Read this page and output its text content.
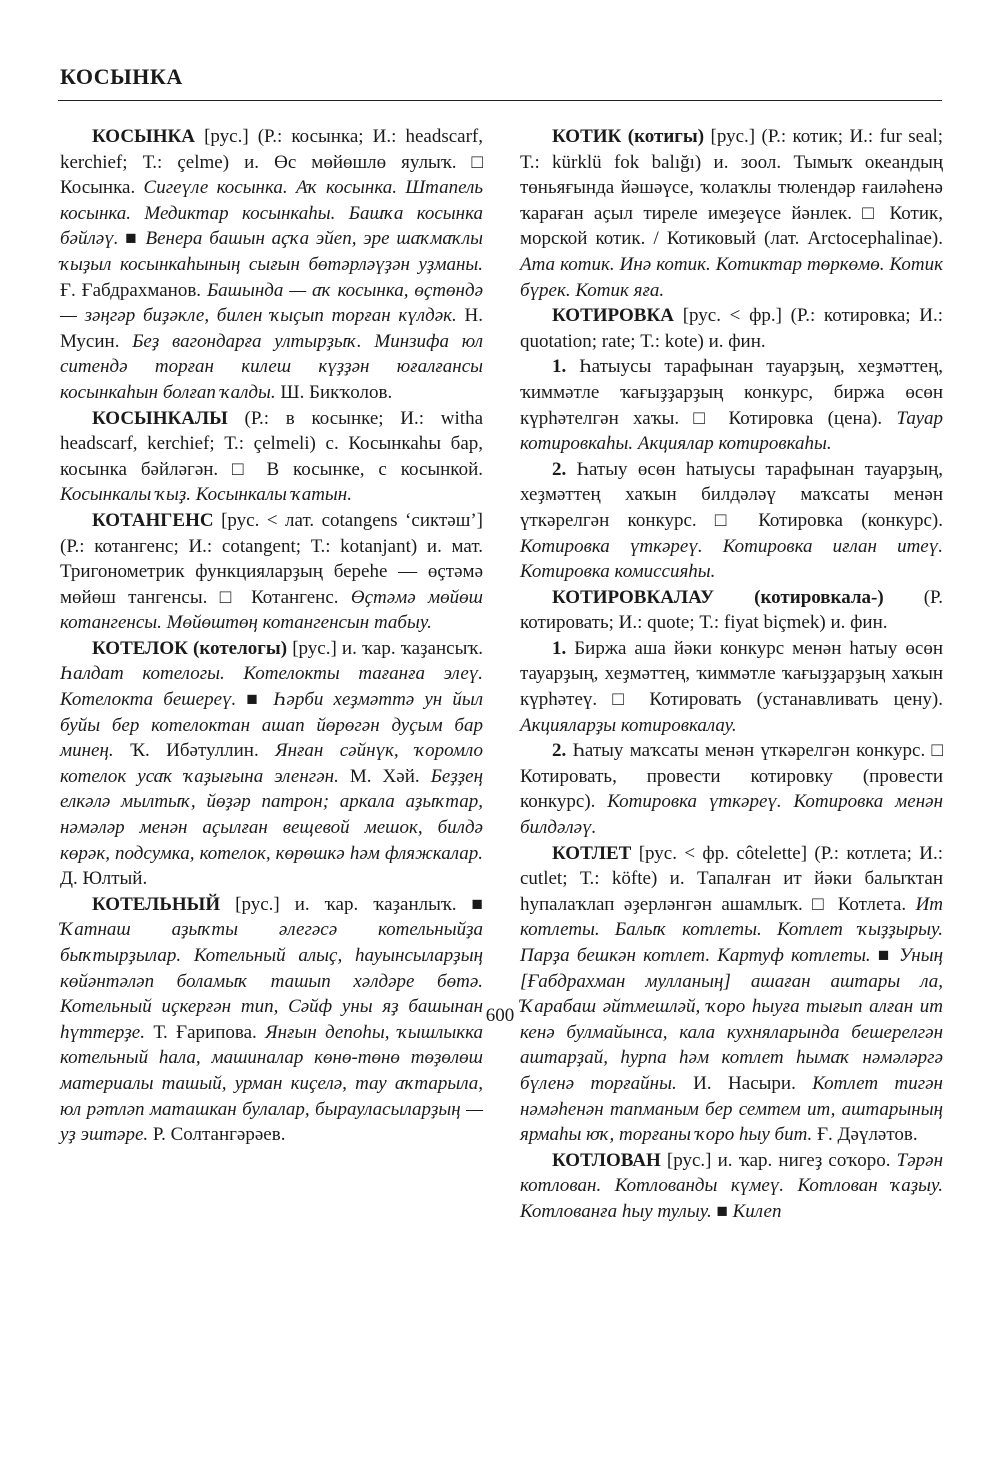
КОСЫНКА

КОСЫНКА [рус.] (Р.: косынка; И.: headscarf, kerchief; Т.: çelme) и. Өс мөйөшлө яулыҡ. □ Косынка. Сигеүле косынка. Аҡ косынка. Штапель косынка. Медиктар косынкаһы. Башҡа косынка бәйләү. ■ Венера башын аҫҡа эйеп, эре шаҡмаҡлы ҡыҙыл косынкаһының сығын бөтәрләүҙән уҙманы. Ғ. Ғабдрахманов. Башында — аҡ косынка, өҫтөндә — зәңгәр биҙәкле, билен ҡыҫып торған күлдәк. Н. Мусин. Беҙ вагондарға ултырҙыҡ. Минзифа юл ситендә торған килеш күҙҙән юғалғансы косынкаһын болғап ҡалды. Ш. Бикҡолов.

КОСЫНКАЛЫ (Р.: в косынке; И.: witha headscarf, kerchief; Т.: çelmeli) с. Косынкаһы бар, косынка бәйләгән. □ В косынке, с косынкой. Косынкалы ҡыҙ. Косынкалы ҡатын.

КОТАНГЕНС [рус. < лат. cotangens ‘сиктәш’] (Р.: котангенс; И.: cotangent; Т.: kotanjant) и. мат. Тригонометрик функцияларҙың береhe — өҫтәмә мөйөш тангенсы. □ Котангенс. Өҫтәмә мөйөш котангенсы. Мөйөштөң котангенсын табыу.

КОТЕЛОК (котелогы) [рус.] и. ҡар. ҡаҙансыҡ. Һалдат котелогы. Котелокты тағанға элеү. Котелокта бешереү. ■ Һәрби хеҙмәттә ун йыл буйы бер котелоктан ашап йөрөгән дуҫым бар минең. Ҡ. Ибәтуллин. Янған сәйнүк, ҡоромло котелок усаҡ ҡаҙығына эленгән. М. Хәй. Беҙҙең елкәлә мылтыҡ, йөҙәр патрон; аркала аҙыҡтар, нәмәләр менән аҫылған вещевой мешок, билдә көрәк, подсумка, котелок, көрөшкә һәм фляжкалар. Д. Юлтый.

КОТЕЛЬНЫЙ [рус.] и. ҡар. ҡаҙанлыҡ. ■ Ҡатнаш аҙыҡты әлегәсә котельныйҙа быҡтырҙылар. Котельный алыҫ, һауынсыларҙың көйәнтәләп боламыҡ ташып хәлдәре бөтә. Котельный иҫкерғән тип, Сәйф уны яҙ башынан һүттерҙе. Т. Ғарипова. Янғын депоһы, ҡышлыкка котельный һала, машиналар көнө-төнө төҙөлөш материалы ташый, урман киҫелә, тау аҡтарыла, юл рәтләп маташкан булалар, бырауласыларҙың — уҙ эштәре. Р. Солтангәрәев.

КОТИК (котигы) [рус.] (Р.: котик; И.: fur seal; Т.: kürklü fok balığı) и. зоол. Тымыҡ океандың төньяғында йәшәүсе, ҡолаҡлы тюлендәр ғаиләhенә ҡараған аҫыл тиреле имеҙеүсе йәнлек. □ Котик, морской котик. / Котиковый (лат. Arctocephalinae). Ата котик. Инә котик. Котиктар төркөмө. Котик бүрек. Котик яға.

КОТИРОВКА [рус. < фр.] (Р.: котировка; И.: quotation; rate; Т.: kote) и. фин.

1. Һатыусы тарафынан тауарҙың, хеҙмәттең, ҡиммәтле ҡағыҙҙарҙың конкурс, биржа өсөн күрhәтелгән хаҡы. □ Котировка (цена). Тауар котировкаhы. Акциялар котировкаhы.

2. Һатыу өсөн һатыусы тарафынан тауарҙың, хеҙмәттең хаҡын билдәләү маҡсаты менән үткәрелгән конкурс. □ Котировка (конкурс). Котировка үткәреү. Котировка иғлан итеү. Котировка комиссияhы.

КОТИРОВКАЛАУ (котировкала-) (Р. котировать; И.: quote; Т.: fiyat biçmek) и. фин.

1. Биржа аша йәки конкурс менән һатыу өсөн тауарҙың, хеҙмәттең, ҡиммәтле ҡағыҙҙарҙың хаҡын күрhәтеү. □ Котировать (устанавливать цену). Акцияларҙы котировкалау.

2. Һатыу маҡсаты менән үткәрелгән конкурс. □ Котировать, провести котировку (провести конкурс). Котировка үткәреү. Котировка менән билдәләү.

КОТЛЕТ [рус. < фр. côtelette] (Р.: котлета; И.: cutlet; Т.: köfte) и. Тапалған ит йәки балыҡтан һупалаҡлап әҙерләнгән ашамлыҡ. □ Котлета. Ит котлеты. Балыҡ котлеты. Котлет ҡыҙҙырыу. Парҙа бешкән котлет. Картуф котлеты. ■ Уның [Ғабдрахман мулланың] ашаған аштары ла, Ҡарабаш әйтмешләй, ҡоро һыуға тығып алған ит кенә булмайынса, кала кухняларында бешерелгән аштарҙай, һурпа һәм котлет һымаҡ нәмәләргә бүленә торғайны. И. Насыри. Котлет тигән нәмәhенән тапманым бер семтем ит, аштарының ярмаһы юҡ, торғаны ҡоро һыу бит. Ғ. Дәүләтов.

КОТЛОВАН [рус.] и. ҡар. нигеҙ соҡоро. Тәрән котлован. Котлованды күмеү. Котлован ҡаҙыу. Котлованға һыу тулыу. ■ Килеп

600
